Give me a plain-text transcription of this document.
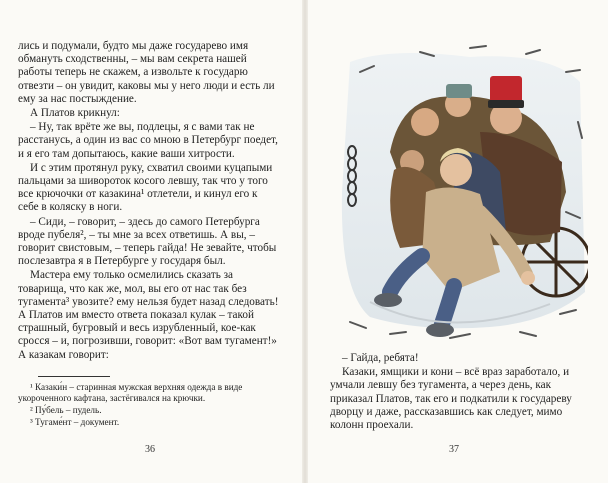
лись и подумали, будто мы даже государево имя обмануть сходственны, – мы вам секрета нашей работы теперь не скажем, а извольте к государю отвезти – он увидит, каковы мы у него люди и есть ли ему за нас постыждение.

А Платов крикнул:

– Ну, так врёте же вы, подлецы, я с вами так не расстанусь, а один из вас со мною в Петербург поедет, и я его там допытаюсь, какие ваши хитрости.

И с этим протянул руку, схватил своими куцапыми пальцами за шивороток косого левшу, так что у того все крючочки от казакина¹ отлетели, и кинул его к себе в коляску в ноги.

– Сиди, – говорит, – здесь до самого Петербурга вроде пубеля², – ты мне за всех ответишь. А вы, – говорит свистовым, – теперь гайда! Не зевайте, чтобы послезавтра я в Петербурге у государя был.

Мастера ему только осмелились сказать за товарища, что как же, мол, вы его от нас так без тугамента³ увозите? ему нельзя будет назад следовать! А Платов им вместо ответа показал кулак – такой страшный, бугровый и весь изрубленный, кое-как сросся – и, погрозивши, говорит: «Вот вам тугамент!» А казакам говорит:

¹ Казаки́н – старинная мужская верхняя одежда в виде укороченного кафтана, застёгивался на крючки.

² Пу́бель – пудель.

³ Тугаме́нт – документ.

36

– Гайда, ребята!

Казаки, ямщики и кони – всё враз заработало, и умчали левшу без тугамента, а через день, как приказал Платов, так его и подкатили к государеву дворцу и даже, рассказавшись как следует, мимо колонн проехали.

37
